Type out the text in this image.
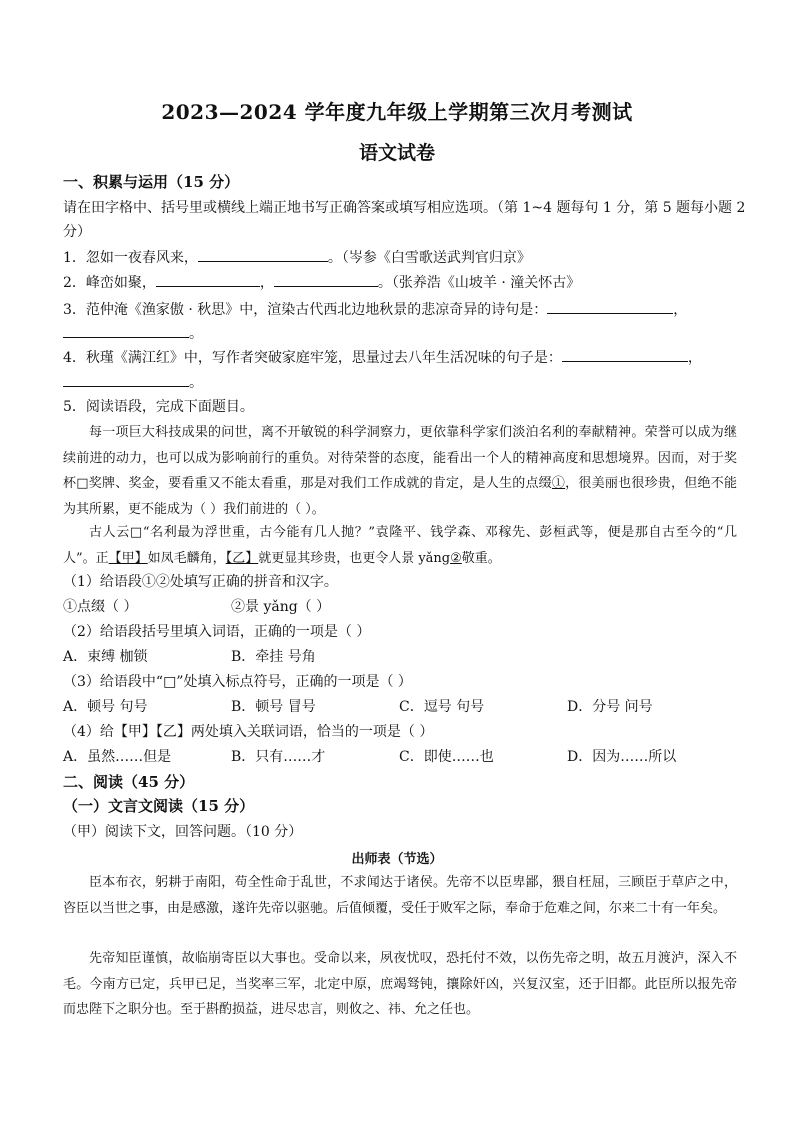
2023—2024 学年度九年级上学期第三次月考测试
语文试卷
一、积累与运用（15 分）
请在田字格中、括号里或横线上端正地书写正确答案或填写相应选项。（第 1~4 题每句 1 分，第 5 题每小题 2
分）
1．忽如一夜春风来，	。（岑参《白雪歌送武判官归京》
2．峰峦如聚，	，	。（张养浩《山坡羊 · 潼关怀古》
3．范仲淹《渔家傲 · 秋思》中，渲染古代西北边地秋景的悲凉奇异的诗句是：	，
。
4．秋瑾《满江红》中，写作者突破家庭牢笼，思量过去八年生活况味的句子是：	，
。
5．阅读语段，完成下面题目。
每一项巨大科技成果的问世，离不开敏锐的科学洞察力，更依靠科学家们淡泊名利的奉献精神。荣誉可以成为继续前进的动力，也可以成为影响前行的重负。对待荣誉的态度，能看出一个人的精神高度和思想境界。因而，对于奖杯□奖牌、奖金，要看重又不能太看重，那是对我们工作成就的肯定，是人生的点缀①，很美丽也很珍贵，但绝不能为其所累，更不能成为（ ）我们前进的（ ）。
古人云□“名利最为浮世重，古今能有几人抛？”袁隆平、钱学森、邓稼先、彭桓武等，便是那自古至今的“几人”。正【甲】如凤毛麟角，【乙】就更显其珍贵，也更令人景 yǎng②敬重。
（1）给语段①②处填写正确的拼音和汉字。
①点缀（ ）	②景 yǎng（ ）
（2）给语段括号里填入词语，正确的一项是（ ）
A．束缚 枷锁	B．牵挂 号角
（3）给语段中“□”处填入标点符号，正确的一项是（ ）
A．顿号 句号	B．顿号 冒号	C．逗号 句号	D．分号 问号
（4）给【甲】【乙】两处填入关联词语，恰当的一项是（ ）
A．虽然……但是	B．只有……才	C．即使……也	D．因为……所以
二、阅读（45 分）
（一）文言文阅读（15 分）
（甲）阅读下文，回答问题。（10 分）
出师表（节选）
臣本布衣，躬耕于南阳，苟全性命于乱世，不求闻达于诸侯。先帝不以臣卑鄙，猥自枉屈，三顾臣于草庐之中，咨臣以当世之事，由是感激，遂许先帝以驱驰。后值倾覆，受任于败军之际，奉命于危难之间，尔来二十有一年矣。
先帝知臣谨慎，故临崩寄臣以大事也。受命以来，夙夜忧叹，恐托付不效，以伤先帝之明，故五月渡泸，深入不毛。今南方已定，兵甲已足，当奖率三军，北定中原，庶竭驽钝，攘除奸凶，兴复汉室，还于旧都。此臣所以报先帝而忠陛下之职分也。至于斟酌损益，进尽忠言，则攸之、祎、允之任也。
